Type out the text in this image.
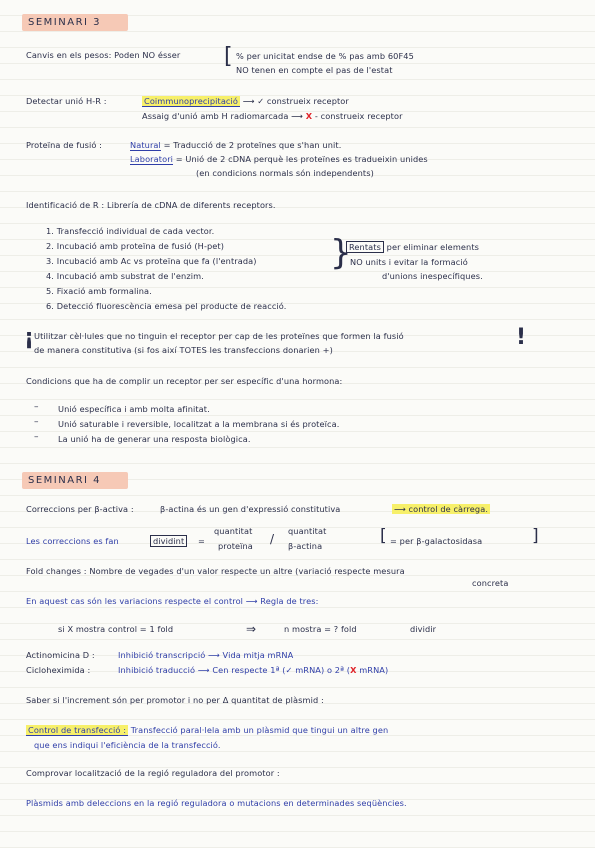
SEMINARI 3
Canvis en els pesos: Poden NO ésser [ % per unicitat endse de % pas amb 60F45
NO tenen en compte el pas de l'estat
Detectar unió H-R :	Coimmunoprecipitació ⟶ ✓ construeix receptor
Assaig d'unió amb H radiomarcada ⟶ X - construeix receptor
Proteïna de fusió :	Natural = Traducció de 2 proteïnes que s'han unit.
Laboratori = Unió de 2 cDNA perquè les proteïnes es tradueixin unides
(en condicions normals són independents)
Identificació de R : Librería de cDNA de diferents receptors.
1. Transfecció individual de cada vector.
2. Incubació amb proteïna de fusió (H-pet)
3. Incubació amb Ac vs proteïna que fa (l'entrada)
4. Incubació amb substrat de l'enzim.
5. Fixació amb formalina.
6. Detecció fluorescència emesa pel producte de reacció.
}
Rentats per eliminar elements
NO units i evitar la formació
d'unions inespecífiques.
¡ Utilitzar cèl·lules que no tinguin el receptor per cap de les proteïnes que formen la fusió
de manera constitutiva (si fos així TOTES les transfeccions donarien +)	!
Condicions que ha de complir un receptor per ser específic d'una hormona:
– Unió específica i amb molta afinitat.
– Unió saturable i reversible, localitzat a la membrana si és proteïca.
– La unió ha de generar una resposta biològica.
SEMINARI 4
Correccions per β-activa :	β-actina és un gen d'expressió constitutiva	⟶ control de càrrega.
Les correccions es fan	dividint	=
quantitat
proteïna /
quantitat
β-actina	[ = per β-galactosidasa	]
Fold changes : Nombre de vegades d'un valor respecte un altre (variació respecte mesura
concreta
En aquest cas són les variacions respecte el control ⟶ Regla de tres:
si X mostra control = 1 fold	⇒	n mostra = ? fold	dividir
Actinomicina D :	Inhibició transcripció ⟶ Vida mitja mRNA
Cicloheximida :	Inhibició traducció ⟶ Cen respecte 1ª (✓ mRNA) o 2ª (X mRNA)
Saber si l'increment són per promotor i no per Δ quantitat de plàsmid :
Control de transfecció : Transfecció paral·lela amb un plàsmid que tingui un altre gen
que ens indiqui l'eficiència de la transfecció.
Comprovar localització de la regió reguladora del promotor :
Plàsmids amb deleccions en la regió reguladora o mutacions en determinades seqüències.
